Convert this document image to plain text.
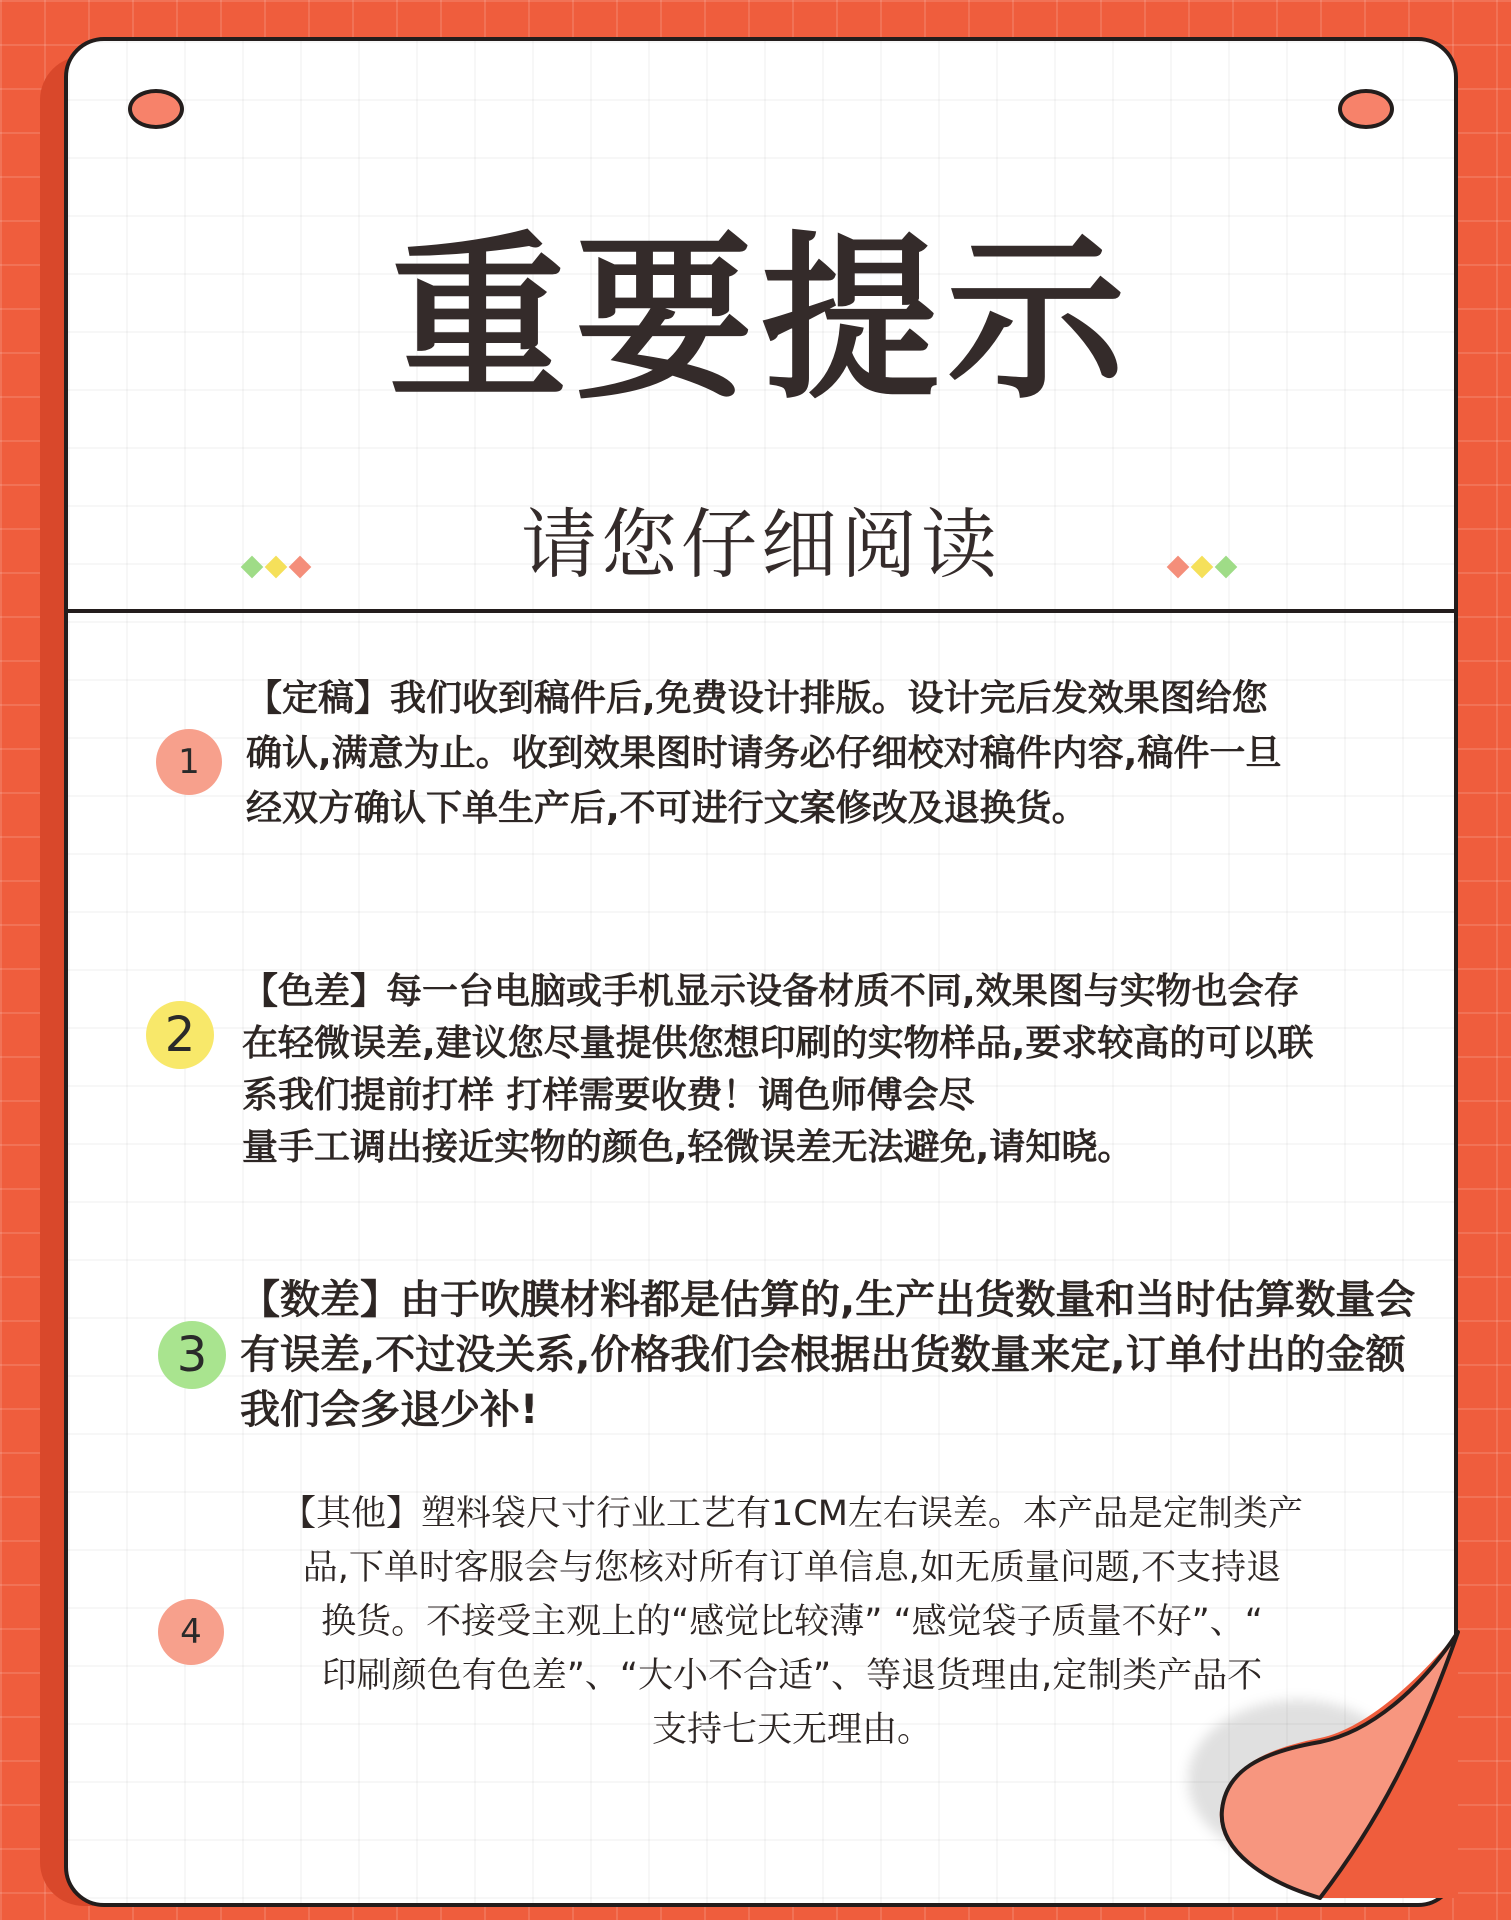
重要提示
请您仔细阅读
1
【定稿】我们收到稿件后,免费设计排版。设计完后发效果图给您确认,满意为止。收到效果图时请务必仔细校对稿件内容,稿件一旦经双方确认下单生产后,不可进行文案修改及退换货。
2
【色差】每一台电脑或手机显示设备材质不同,效果图与实物也会存
在轻微误差,建议您尽量提供您想印刷的实物样品,要求较高的可以联
系我们提前打样 打样需要收费！调色师傅会尽
量手工调出接近实物的颜色,轻微误差无法避免,请知晓。
3
【数差】由于吹膜材料都是估算的,生产出货数量和当时估算数量会有误差,不过没关系,价格我们会根据出货数量来定,订单付出的金额我们会多退少补!
4
【其他】塑料袋尺寸行业工艺有1CM左右误差。本产品是定制类产
品,下单时客服会与您核对所有订单信息,如无质量问题,不支持退
换货。不接受主观上的“感觉比较薄” “感觉袋子质量不好”、“
印刷颜色有色差”、“大小不合适”、等退货理由,定制类产品不
支持七天无理由。
